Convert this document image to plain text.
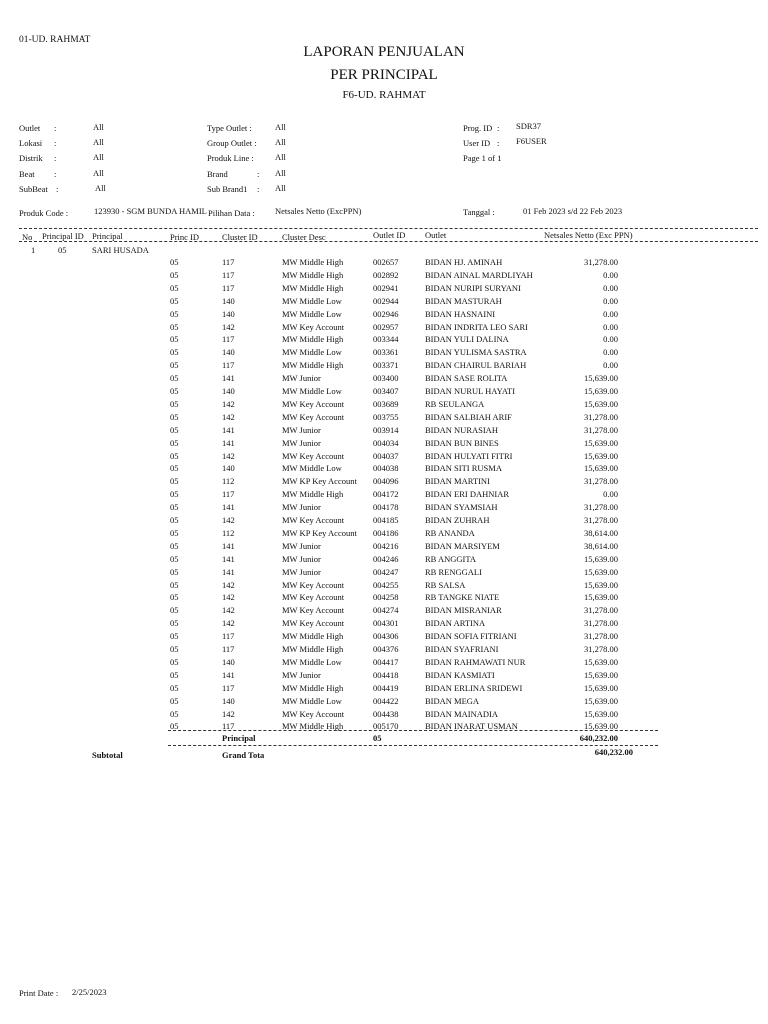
01-UD. RAHMAT
LAPORAN PENJUALAN
PER PRINCIPAL
F6-UD. RAHMAT
Outlet :	All
Lokasi :	All
Distrik :	All
Beat :	All
SubBeat :	All
Type Outlet :	All
Group Outlet : All
Produk Line :	All
Brand	: All
Sub Brand1 : All
Prog. ID : SDR37
User ID : F6USER
Page 1 of 1
Produk Code :	123930 - SGM BUNDA HAMIL Pilihan Data : Netsales Netto (ExcPPN)	Tanggal :	01 Feb 2023 s/d 22 Feb 2023
No Principal ID Principal	Princ ID	Cluster ID	Cluster Desc	Outlet ID Outlet	Netsales Netto (Exc PPN)
1	05	SARI HUSADA
05	117	MW Middle High	002657	BIDAN HJ. AMINAH	31,278.00
05	117	MW Middle High	002892	BIDAN AINAL MARDLIYAH	0.00
05	117	MW Middle High	002941	BIDAN NURIPI SURYANI	0.00
05	140	MW Middle Low	002944	BIDAN MASTURAH	0.00
05	140	MW Middle Low	002946	BIDAN HASNAINI	0.00
05	142	MW Key Account	002957	BIDAN INDRITA LEO SARI	0.00
05	117	MW Middle High	003344	BIDAN YULI DALINA	0.00
05	140	MW Middle Low	003361	BIDAN YULISMA SASTRA	0.00
05	117	MW Middle High	003371	BIDAN CHAIRUL BARIAH	0.00
05	141	MW Junior	003400	BIDAN SASE ROLITA	15,639.00
05	140	MW Middle Low	003407	BIDAN NURUL HAYATI	15,639.00
05	142	MW Key Account	003689	RB SEULANGA	15,639.00
05	142	MW Key Account	003755	BIDAN SALBIAH ARIF	31,278.00
05	141	MW Junior	003914	BIDAN NURASIAH	31,278.00
05	141	MW Junior	004034	BIDAN BUN BINES	15,639.00
05	142	MW Key Account	004037	BIDAN HULYATI FITRI	15,639.00
05	140	MW Middle Low	004038	BIDAN SITI RUSMA	15,639.00
05	112	MW KP Key Account 004096	BIDAN MARTINI	31,278.00
05	117	MW Middle High	004172	BIDAN ERI DAHNIAR	0.00
05	141	MW Junior	004178	BIDAN SYAMSIAH	31,278.00
05	142	MW Key Account	004185	BIDAN ZUHRAH	31,278.00
05	112	MW KP Key Account 004186	RB ANANDA	38,614.00
05	141	MW Junior	004216	BIDAN MARSIYEM	38,614.00
05	141	MW Junior	004246	RB ANGGITA	15,639.00
05	141	MW Junior	004247	RB RENGGALI	15,639.00
05	142	MW Key Account	004255	RB SALSA	15,639.00
05	142	MW Key Account	004258	RB TANGKE NIATE	15,639.00
05	142	MW Key Account	004274	BIDAN MISRANIAR	31,278.00
05	142	MW Key Account	004301	BIDAN ARTINA	31,278.00
05	117	MW Middle High	004306	BIDAN SOFIA FITRIANI	31,278.00
05	117	MW Middle High	004376	BIDAN SYAFRIANI	31,278.00
05	140	MW Middle Low	004417	BIDAN RAHMAWATI NUR	15,639.00
05	141	MW Junior	004418	BIDAN KASMIATI	15,639.00
05	117	MW Middle High	004419	BIDAN ERLINA SRIDEWI	15,639.00
05	140	MW Middle Low	004422	BIDAN MEGA	15,639.00
05	142	MW Key Account	004438	BIDAN MAINADIA	15,639.00
05	117	MW Middle High	005170	BIDAN INARAT USMAN	15,639.00
Principal	05	640,232.00
Subtotal	Grand Tota	640,232.00
Print Date : 2/25/2023
